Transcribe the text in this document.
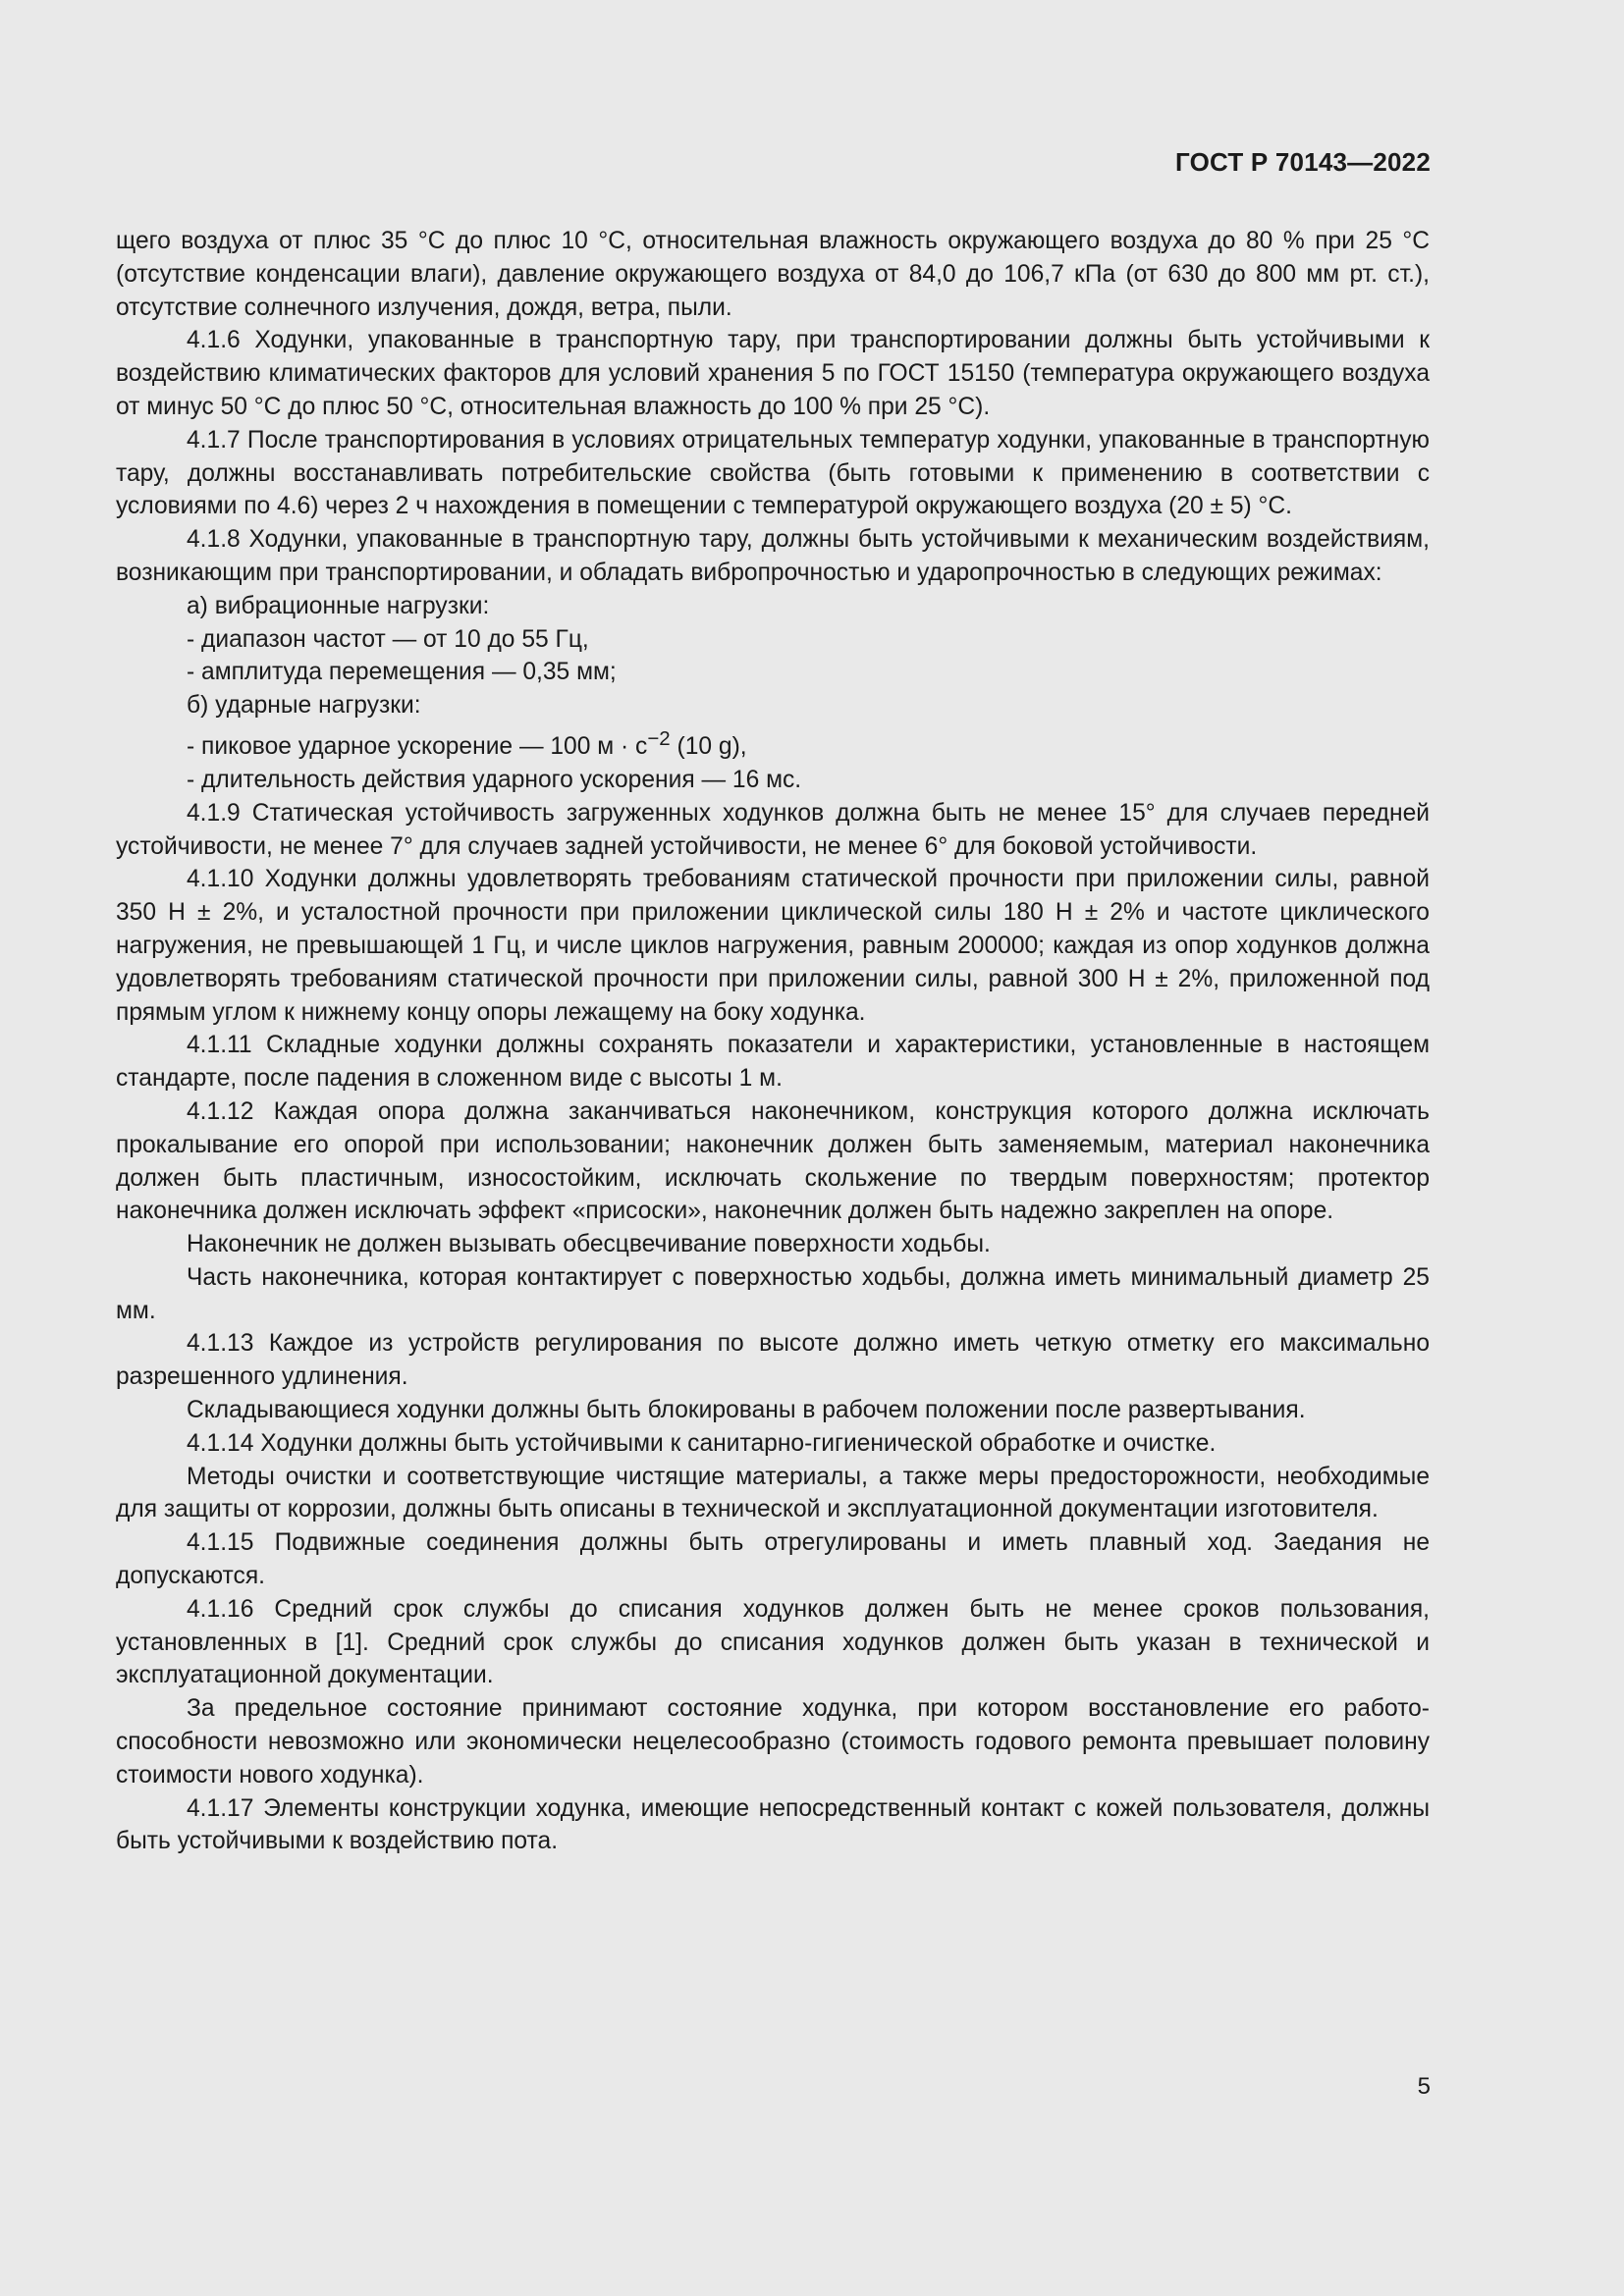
ГОСТ Р 70143—2022

щего воздуха от плюс 35 °С до плюс 10 °С, относительная влажность окружающего воздуха до 80 % при 25 °С (отсутствие конденсации влаги), давление окружающего воздуха от 84,0 до 106,7 кПа (от 630 до 800 мм рт. ст.), отсутствие солнечного излучения, дождя, ветра, пыли.

4.1.6 Ходунки, упакованные в транспортную тару, при транспортировании должны быть устойчивыми к воздействию климатических факторов для условий хранения 5 по ГОСТ 15150 (температура окружающего воздуха от минус 50 °С до плюс 50 °С, относительная влажность до 100 % при 25 °С).

4.1.7 После транспортирования в условиях отрицательных температур ходунки, упакованные в транспортную тару, должны восстанавливать потребительские свойства (быть готовыми к применению в соответствии с условиями по 4.6) через 2 ч нахождения в помещении с температурой окружающего воздуха (20 ± 5) °С.

4.1.8 Ходунки, упакованные в транспортную тару, должны быть устойчивыми к механическим воздействиям, возникающим при транспортировании, и обладать вибропрочностью и ударопрочностью в следующих режимах:

а) вибрационные нагрузки:

- диапазон частот — от 10 до 55 Гц,

- амплитуда перемещения — 0,35 мм;

б) ударные нагрузки:

- пиковое ударное ускорение — 100 $м \cdot с^{-2}$ (10 g),

- длительность действия ударного ускорения — 16 мс.

4.1.9 Статическая устойчивость загруженных ходунков должна быть не менее 15° для случаев передней устойчивости, не менее 7° для случаев задней устойчивости, не менее 6° для боковой устойчивости.

4.1.10 Ходунки должны удовлетворять требованиям статической прочности при приложении силы, равной 350 Н ± 2%, и усталостной прочности при приложении циклической силы 180 Н ± 2% и частоте циклического нагружения, не превышающей 1 Гц, и числе циклов нагружения, равным 200000; каждая из опор ходунков должна удовлетворять требованиям статической прочности при приложении силы, равной 300 Н ± 2%, приложенной под прямым углом к нижнему концу опоры лежащему на боку ходунка.

4.1.11 Складные ходунки должны сохранять показатели и характеристики, установленные в настоящем стандарте, после падения в сложенном виде с высоты 1 м.

4.1.12 Каждая опора должна заканчиваться наконечником, конструкция которого должна исключать прокалывание его опорой при использовании; наконечник должен быть заменяемым, материал наконечника должен быть пластичным, износостойким, исключать скольжение по твердым поверхностям; протектор наконечника должен исключать эффект «присоски», наконечник должен быть надежно закреплен на опоре.

Наконечник не должен вызывать обесцвечивание поверхности ходьбы.

Часть наконечника, которая контактирует с поверхностью ходьбы, должна иметь минимальный диаметр 25 мм.

4.1.13 Каждое из устройств регулирования по высоте должно иметь четкую отметку его максимально разрешенного удлинения.

Складывающиеся ходунки должны быть блокированы в рабочем положении после развертывания.

4.1.14 Ходунки должны быть устойчивыми к санитарно-гигиенической обработке и очистке.

Методы очистки и соответствующие чистящие материалы, а также меры предосторожности, необходимые для защиты от коррозии, должны быть описаны в технической и эксплуатационной документации изготовителя.

4.1.15 Подвижные соединения должны быть отрегулированы и иметь плавный ход. Заедания не допускаются.

4.1.16 Средний срок службы до списания ходунков должен быть не менее сроков пользования, установленных в [1]. Средний срок службы до списания ходунков должен быть указан в технической и эксплуатационной документации.

За предельное состояние принимают состояние ходунка, при котором восстановление его работоспособности невозможно или экономически нецелесообразно (стоимость годового ремонта превышает половину стоимости нового ходунка).

4.1.17 Элементы конструкции ходунка, имеющие непосредственный контакт с кожей пользователя, должны быть устойчивыми к воздействию пота.

5
